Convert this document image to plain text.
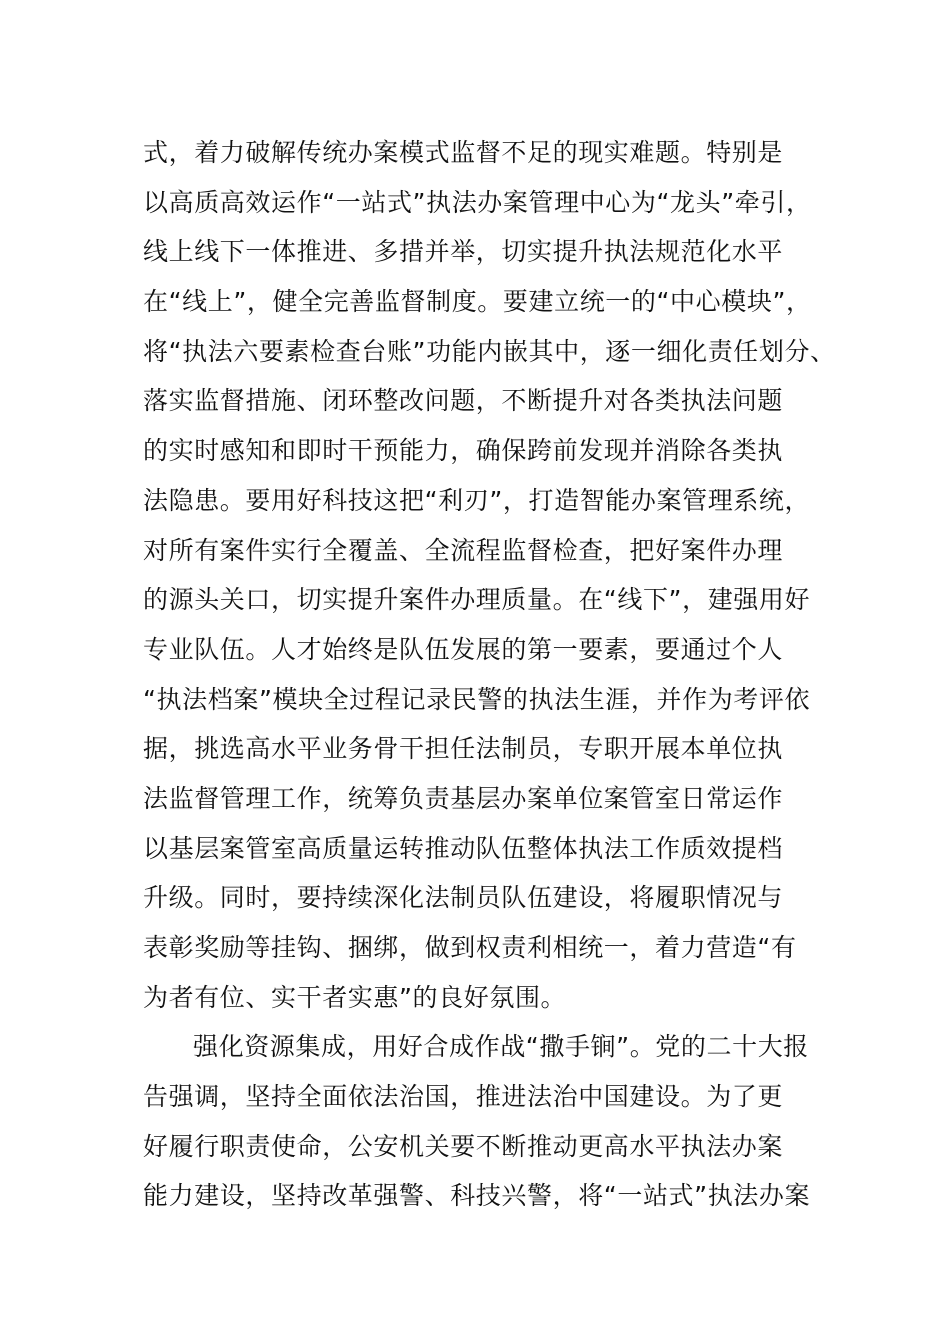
式，着力破解传统办案模式监督不足的现实难题。特别是
以高质高效运作“一站式”执法办案管理中心为“龙头”牵引，
线上线下一体推进、多措并举，切实提升执法规范化水平
在“线上”，健全完善监督制度。要建立统一的“中心模块”，
将“执法六要素检查台账”功能内嵌其中，逐一细化责任划分、
落实监督措施、闭环整改问题，不断提升对各类执法问题
的实时感知和即时干预能力，确保跨前发现并消除各类执
法隐患。要用好科技这把“利刃”，打造智能办案管理系统，
对所有案件实行全覆盖、全流程监督检查，把好案件办理
的源头关口，切实提升案件办理质量。在“线下”，建强用好
专业队伍。人才始终是队伍发展的第一要素，要通过个人
“执法档案”模块全过程记录民警的执法生涯，并作为考评依
据，挑选高水平业务骨干担任法制员，专职开展本单位执
法监督管理工作，统筹负责基层办案单位案管室日常运作
以基层案管室高质量运转推动队伍整体执法工作质效提档
升级。同时，要持续深化法制员队伍建设，将履职情况与
表彰奖励等挂钩、捆绑，做到权责利相统一，着力营造“有
为者有位、实干者实惠”的良好氛围。
强化资源集成，用好合成作战“撒手锏”。党的二十大报
告强调，坚持全面依法治国，推进法治中国建设。为了更
好履行职责使命，公安机关要不断推动更高水平执法办案
能力建设，坚持改革强警、科技兴警，将“一站式”执法办案
